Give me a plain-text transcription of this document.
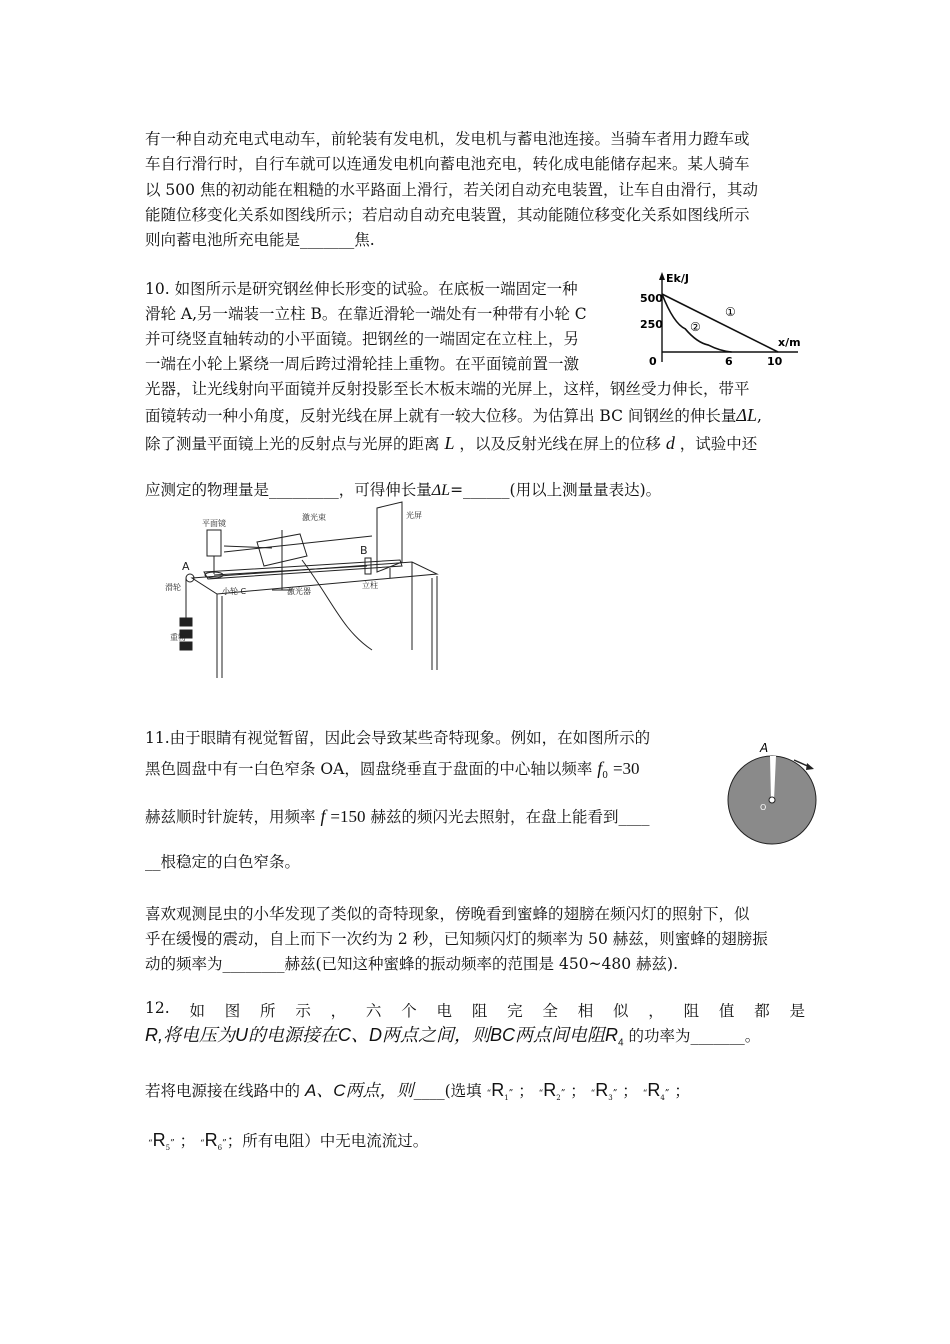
有一种自动充电式电动车，前轮装有发电机，发电机与蓄电池连接。当骑车者用力蹬车或
车自行滑行时，自行车就可以连通发电机向蓄电池充电，转化成电能储存起来。某人骑车
以 500 焦的初动能在粗糙的水平路面上滑行，若关闭自动充电装置，让车自由滑行，其动
能随位移变化关系如图线所示；若启动自动充电装置，其动能随位移变化关系如图线所示
则向蓄电池所充电能是_______焦.
Ek/J
x/m
500
250
0	6	10
①
②
10. 如图所示是研究钢丝伸长形变的试验。在底板一端固定一种
滑轮 A,另一端装一立柱 B。在靠近滑轮一端处有一种带有小轮 C
并可绕竖直轴转动的小平面镜。把钢丝的一端固定在立柱上，另
一端在小轮上紧绕一周后跨过滑轮挂上重物。在平面镜前置一激
光器，让光线射向平面镜并反射投影至长木板末端的光屏上，这样，钢丝受力伸长，带平
面镜转动一种小角度，反射光线在屏上就有一较大位移。为估算出 BC 间钢丝的伸长量ΔL,
除了测量平面镜上光的反射点与光屏的距离 L ，以及反射光线在屏上的位移 d ，试验中还
应测定的物理量是_________，可得伸长量ΔL=______(用以上测量量表达)。
平面镜
激光束	光屏
A
B
滑轮	小轮 C	激光器
立柱
重物
11.由于眼睛有视觉暂留，因此会导致某些奇特现象。例如，在如图所示的
黑色圆盘中有一白色窄条 OA，圆盘绕垂直于盘面的中心轴以频率 $f_0 =30$
赫兹顺时针旋转，用频率 f =150 赫兹的频闪光去照射，在盘上能看到____
__根稳定的白色窄条。
A
O
喜欢观测昆虫的小华发现了类似的奇特现象，傍晚看到蜜蜂的翅膀在频闪灯的照射下，似
乎在缓慢的震动，自上而下一次约为 2 秒，已知频闪灯的频率为 50 赫兹，则蜜蜂的翅膀振
动的频率为________赫兹(已知这种蜜蜂的振动频率的范围是 450~480 赫兹).
12. 如 图 所 示 ， 六 个 电 阻 完 全 相 似 ， 阻 值 都 是
R,将电压为U的电源接在C、D两点之间，则BC两点间电阻$R_4$ 的功率为_______。
若将电源接在线路中的 A、C两点，则____(选填 “$R_1$” ； “$R_2$” ； “$R_3$” ； “$R_4$” ；
“$R_5$” ； “$R_6$”；所有电阻）中无电流流过。
